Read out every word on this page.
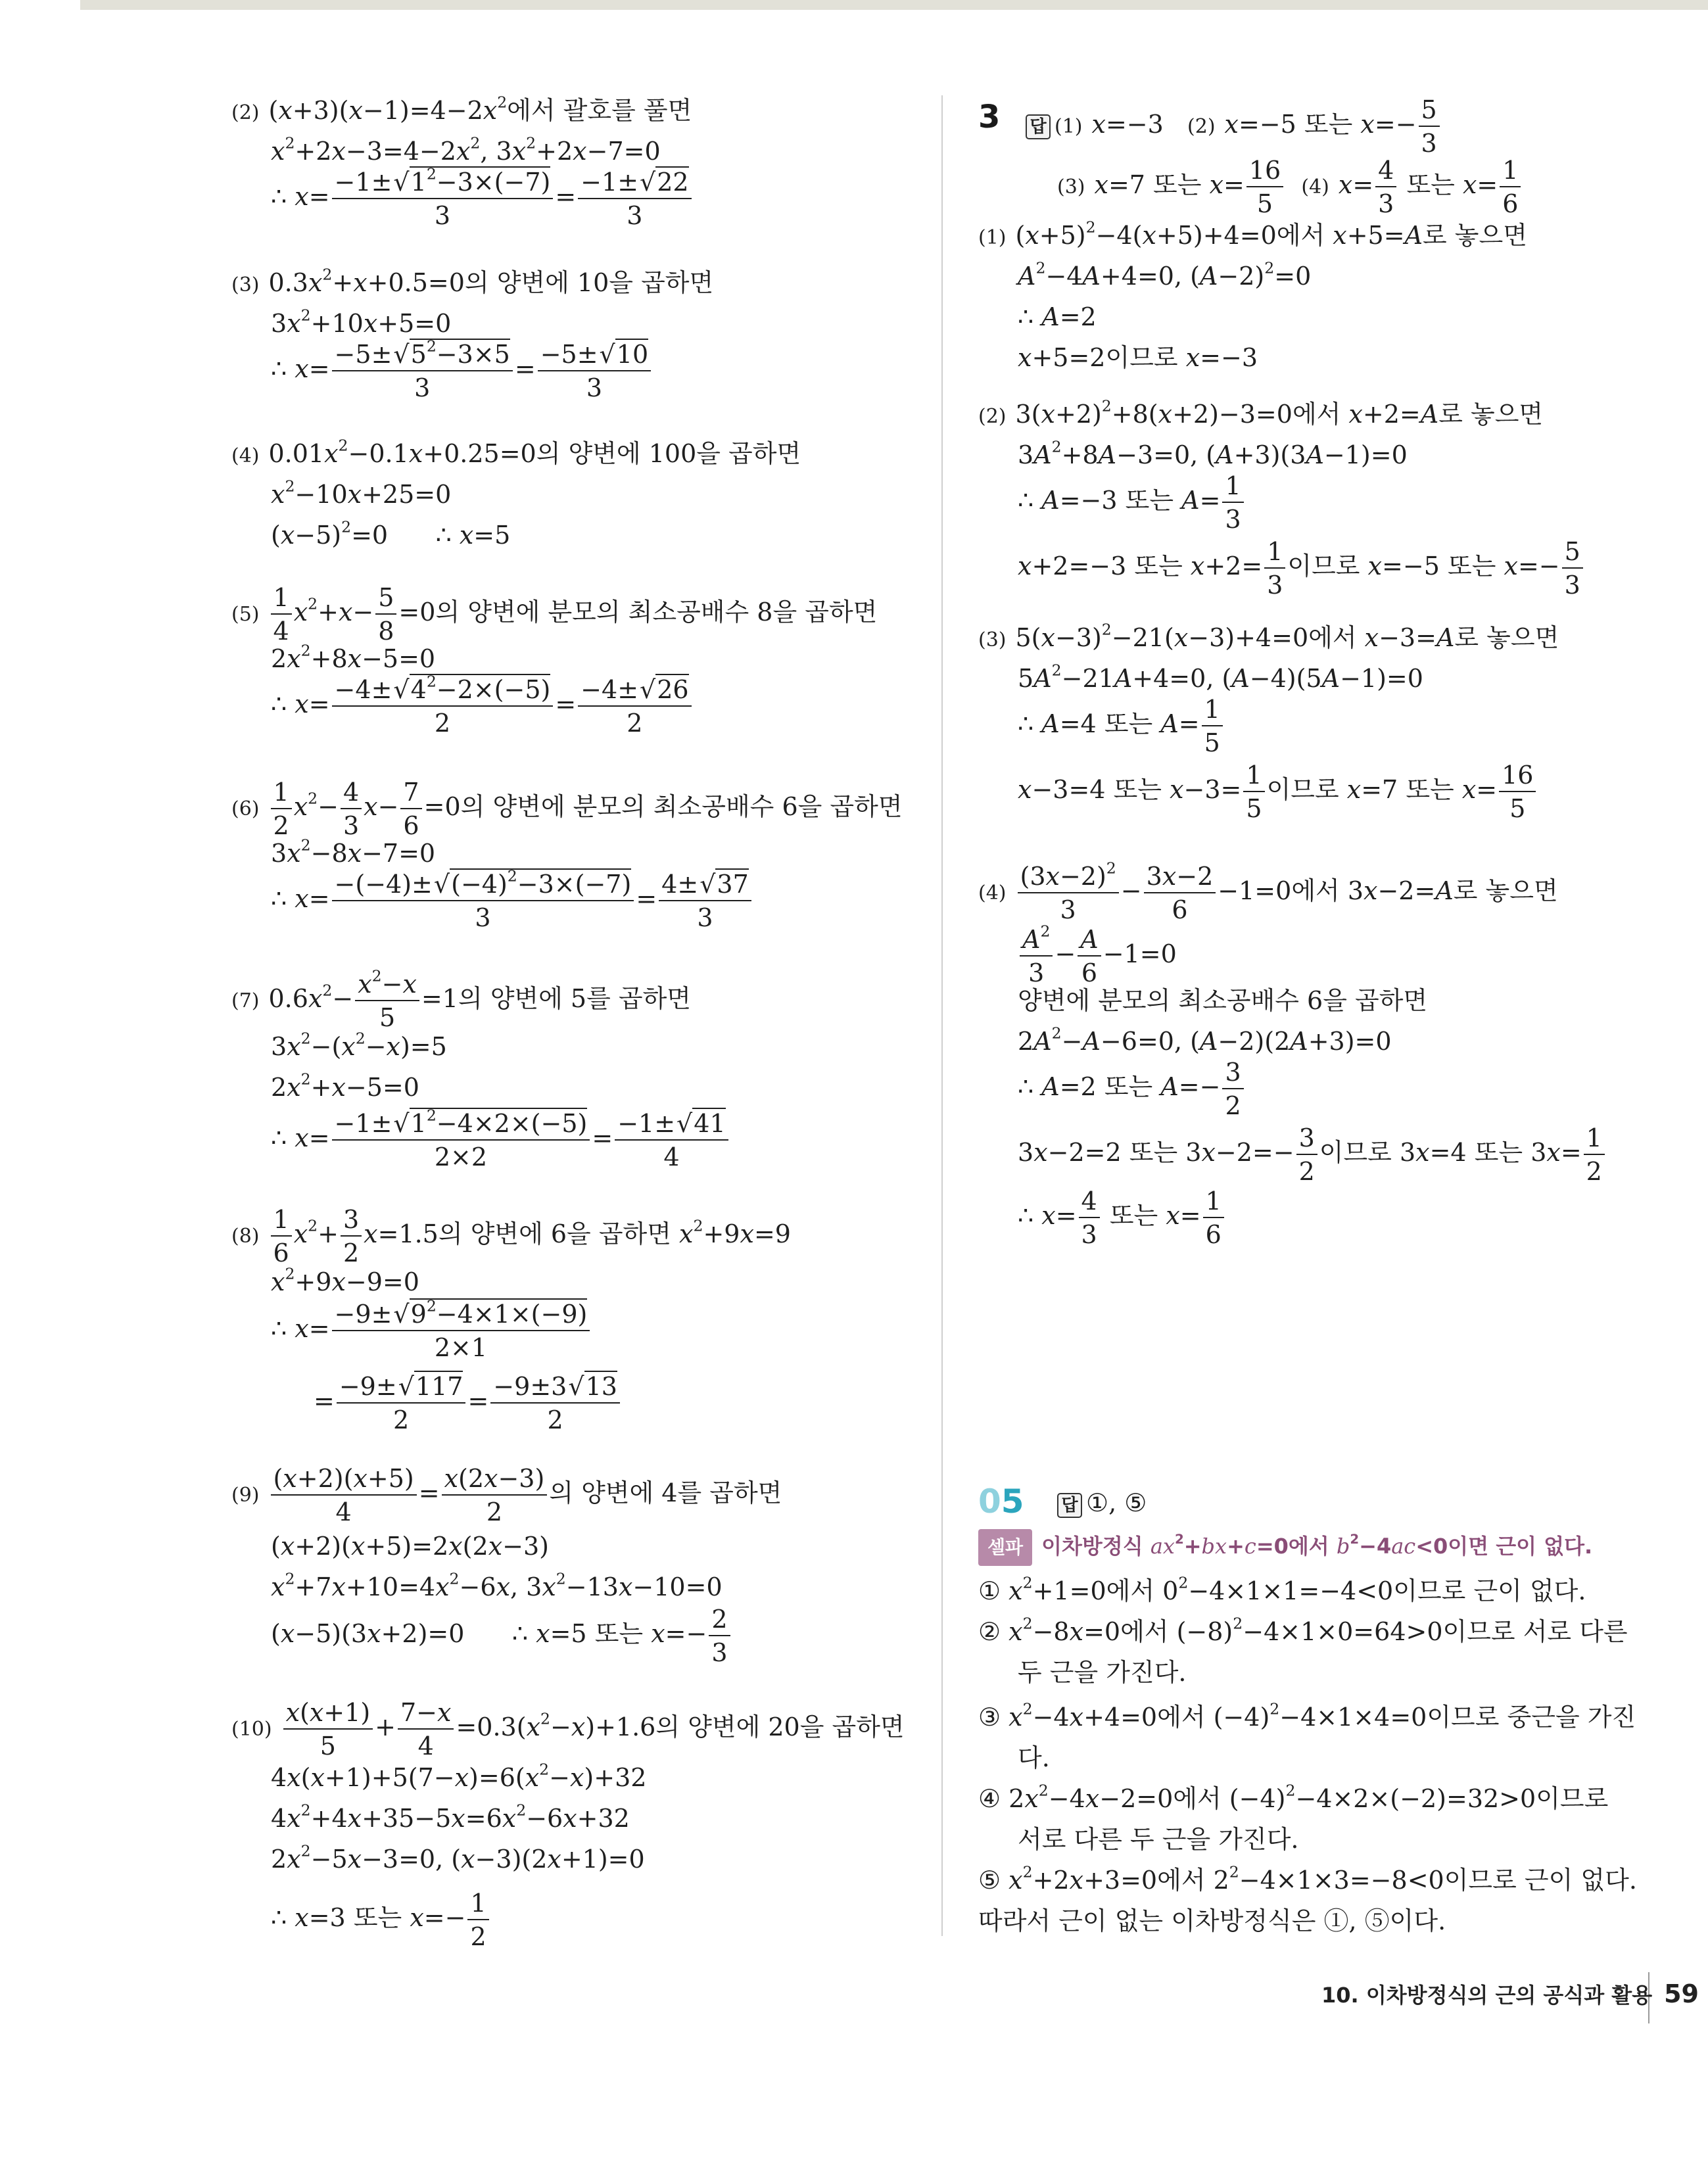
(2) $(x+3)(x-1)=4-2x^2$에서 괄호를 풀면
$x^2+2x-3=4-2x^2$, $3x^2+2x-7=0$
∴ $x= \frac{-1\pm√1^2-3\times(-7)}{3} = \frac{-1\pm√22}{3}$
(3) $0.3x^2+x+0.5=0$의 양변에 10을 곱하면
$3x^2+10x+5=0$
∴ $x= \frac{-5\pm√5^2-3\times 5}{3} = \frac{-5\pm√10}{3}$
(4) $0.01x^2-0.1x+0.25=0$의 양변에 100을 곱하면
$x^2-10x+25=0$
$(x-5)^2=0$      ∴ x=5
$(5) \frac{1}{4} x^2+x- \frac{5}{8} =0$의 양변에 분모의 최소공배수 8을 곱하면
$2x^2+8x-5=0$
∴ $x= \frac{-4\pm√4^2-2\times(-5)}{2} = \frac{-4\pm√26}{2}$
$(6) \frac{1}{2} x^2- \frac{4}{3} x- \frac{7}{6} =0$의 양변에 분모의 최소공배수 6을 곱하면
$3x^2-8x-7=0$
∴ $x= \frac{-(-4)\pm√(-4)^2-3\times(-7)}{3} = \frac{4\pm√37}{3}$
(7) $0.6x^2- \frac{x^2-x}{5} =1$의 양변에 5를 곱하면
$3x^2-(x^2-x)=5$
$2x^2+x-5=0$
∴ $x= \frac{-1\pm√1^2-4\times 2\times(-5)}{2\times 2} = \frac{-1\pm√41}{4}$
$(8) \frac{1}{6} x^2+ \frac{3}{2} x=1.5$의 양변에 6을 곱하면 $x^2+9x=9$
$x^2+9x-9=0$
∴ $x= \frac{-9\pm√9^2-4\times 1\times(-9)}{2\times 1}$
= $\frac{-9\pm√117}{2} = \frac{-9\pm 3√13}{2}$
$(9) \frac{(x+2)(x+5)}{4} = \frac{x(2x-3)}{2}$ 의 양변에 4를 곱하면
(x+2)(x+5)=2x(2x−3)
$x^2+7x+10=4x^2-6x$, $3x^2-13x-10=0$
(x−5)(3x+2)=0      ∴ x=5 또는 $x=- \frac{2}{3}$
$(10) \frac{x(x+1)}{5} + \frac{7-x}{4} =0.3(x^2-x)+1.6$의 양변에 20을 곱하면
$4x(x+1)+5(7-x)=6(x^2-x)+32$
$4x^2+4x+35-5x=6x^2-6x+32$
$2x^2-5x-3=0$, (x−3)(2x+1)=0
∴ x=3 또는 $x=- \frac{1}{2}$
3 답 (1) x=−3   (2) x=−5 또는 $x=- \frac{5}{3}$
(3) x=7 또는 $x= \frac{16}{5} (4)$ $x= \frac{4}{3}$ 또는 $x= \frac{1}{6}$
(1) $(x+5)^2-4(x+5)+4=0$에서 x+5=A로 놓으면
$A^2-4A+4=0$, $(A-2)^2=0$
∴ A=2
x+5=2이므로 x=−3
(2) $3(x+2)^2+8(x+2)-3=0$에서 x+2=A로 놓으면
$3A^2+8A-3=0$, (A+3)(3A−1)=0
∴ A=−3 또는 $A= \frac{1}{3}$
x+2=−3 또는 $x+2= \frac{1}{3}$ 이므로 x=−5 또는 $x=- \frac{5}{3}$
(3) $5(x-3)^2-21(x-3)+4=0$에서 x−3=A로 놓으면
$5A^2-21A+4=0$, (A−4)(5A−1)=0
∴ A=4 또는 $A= \frac{1}{5}$
x−3=4 또는 $x-3= \frac{1}{5}$ 이므로 x=7 또는 $x= \frac{16}{5}$
$(4) \frac{(3x-2)^2}{3} - \frac{3x-2}{6} -1=0$에서 3x−2=A로 놓으면
$\frac{A^2}{3} - \frac{A}{6} -1=0$
양변에 분모의 최소공배수 6을 곱하면
$2A^2-A-6=0$, (A−2)(2A+3)=0
∴ A=2 또는 $A=- \frac{3}{2}$
3x−2=2 또는 $3x-2=- \frac{3}{2}$ 이므로 3x=4 또는 $3x= \frac{1}{2}$
∴ $x= \frac{4}{3}$ 또는 $x= \frac{1}{6}$
05 답 ①, ⑤
셀파 이차방정식 $ax^2+bx+c=0$에서 $b^2-4ac<0$이면 근이 없다.
① $x^2+1=0$에서 $0^2-4\times 1\times 1=-4<0$이므로 근이 없다.
② $x^2-8x=0$에서 $(-8)^2-4\times 1\times 0=64>0$이므로 서로 다른
두 근을 가진다.
③ $x^2-4x+4=0$에서 $(-4)^2-4\times 1\times 4=0$이므로 중근을 가진
다.
④ $2x^2-4x-2=0$에서 $(-4)^2-4\times 2\times(-2)=32>0$이므로
서로 다른 두 근을 가진다.
⑤ $x^2+2x+3=0$에서 $2^2-4\times 1\times 3=-8<0$이므로 근이 없다.
따라서 근이 없는 이차방정식은 ①, ⑤이다.
10. 이차방정식의 근의 공식과 활용 59
